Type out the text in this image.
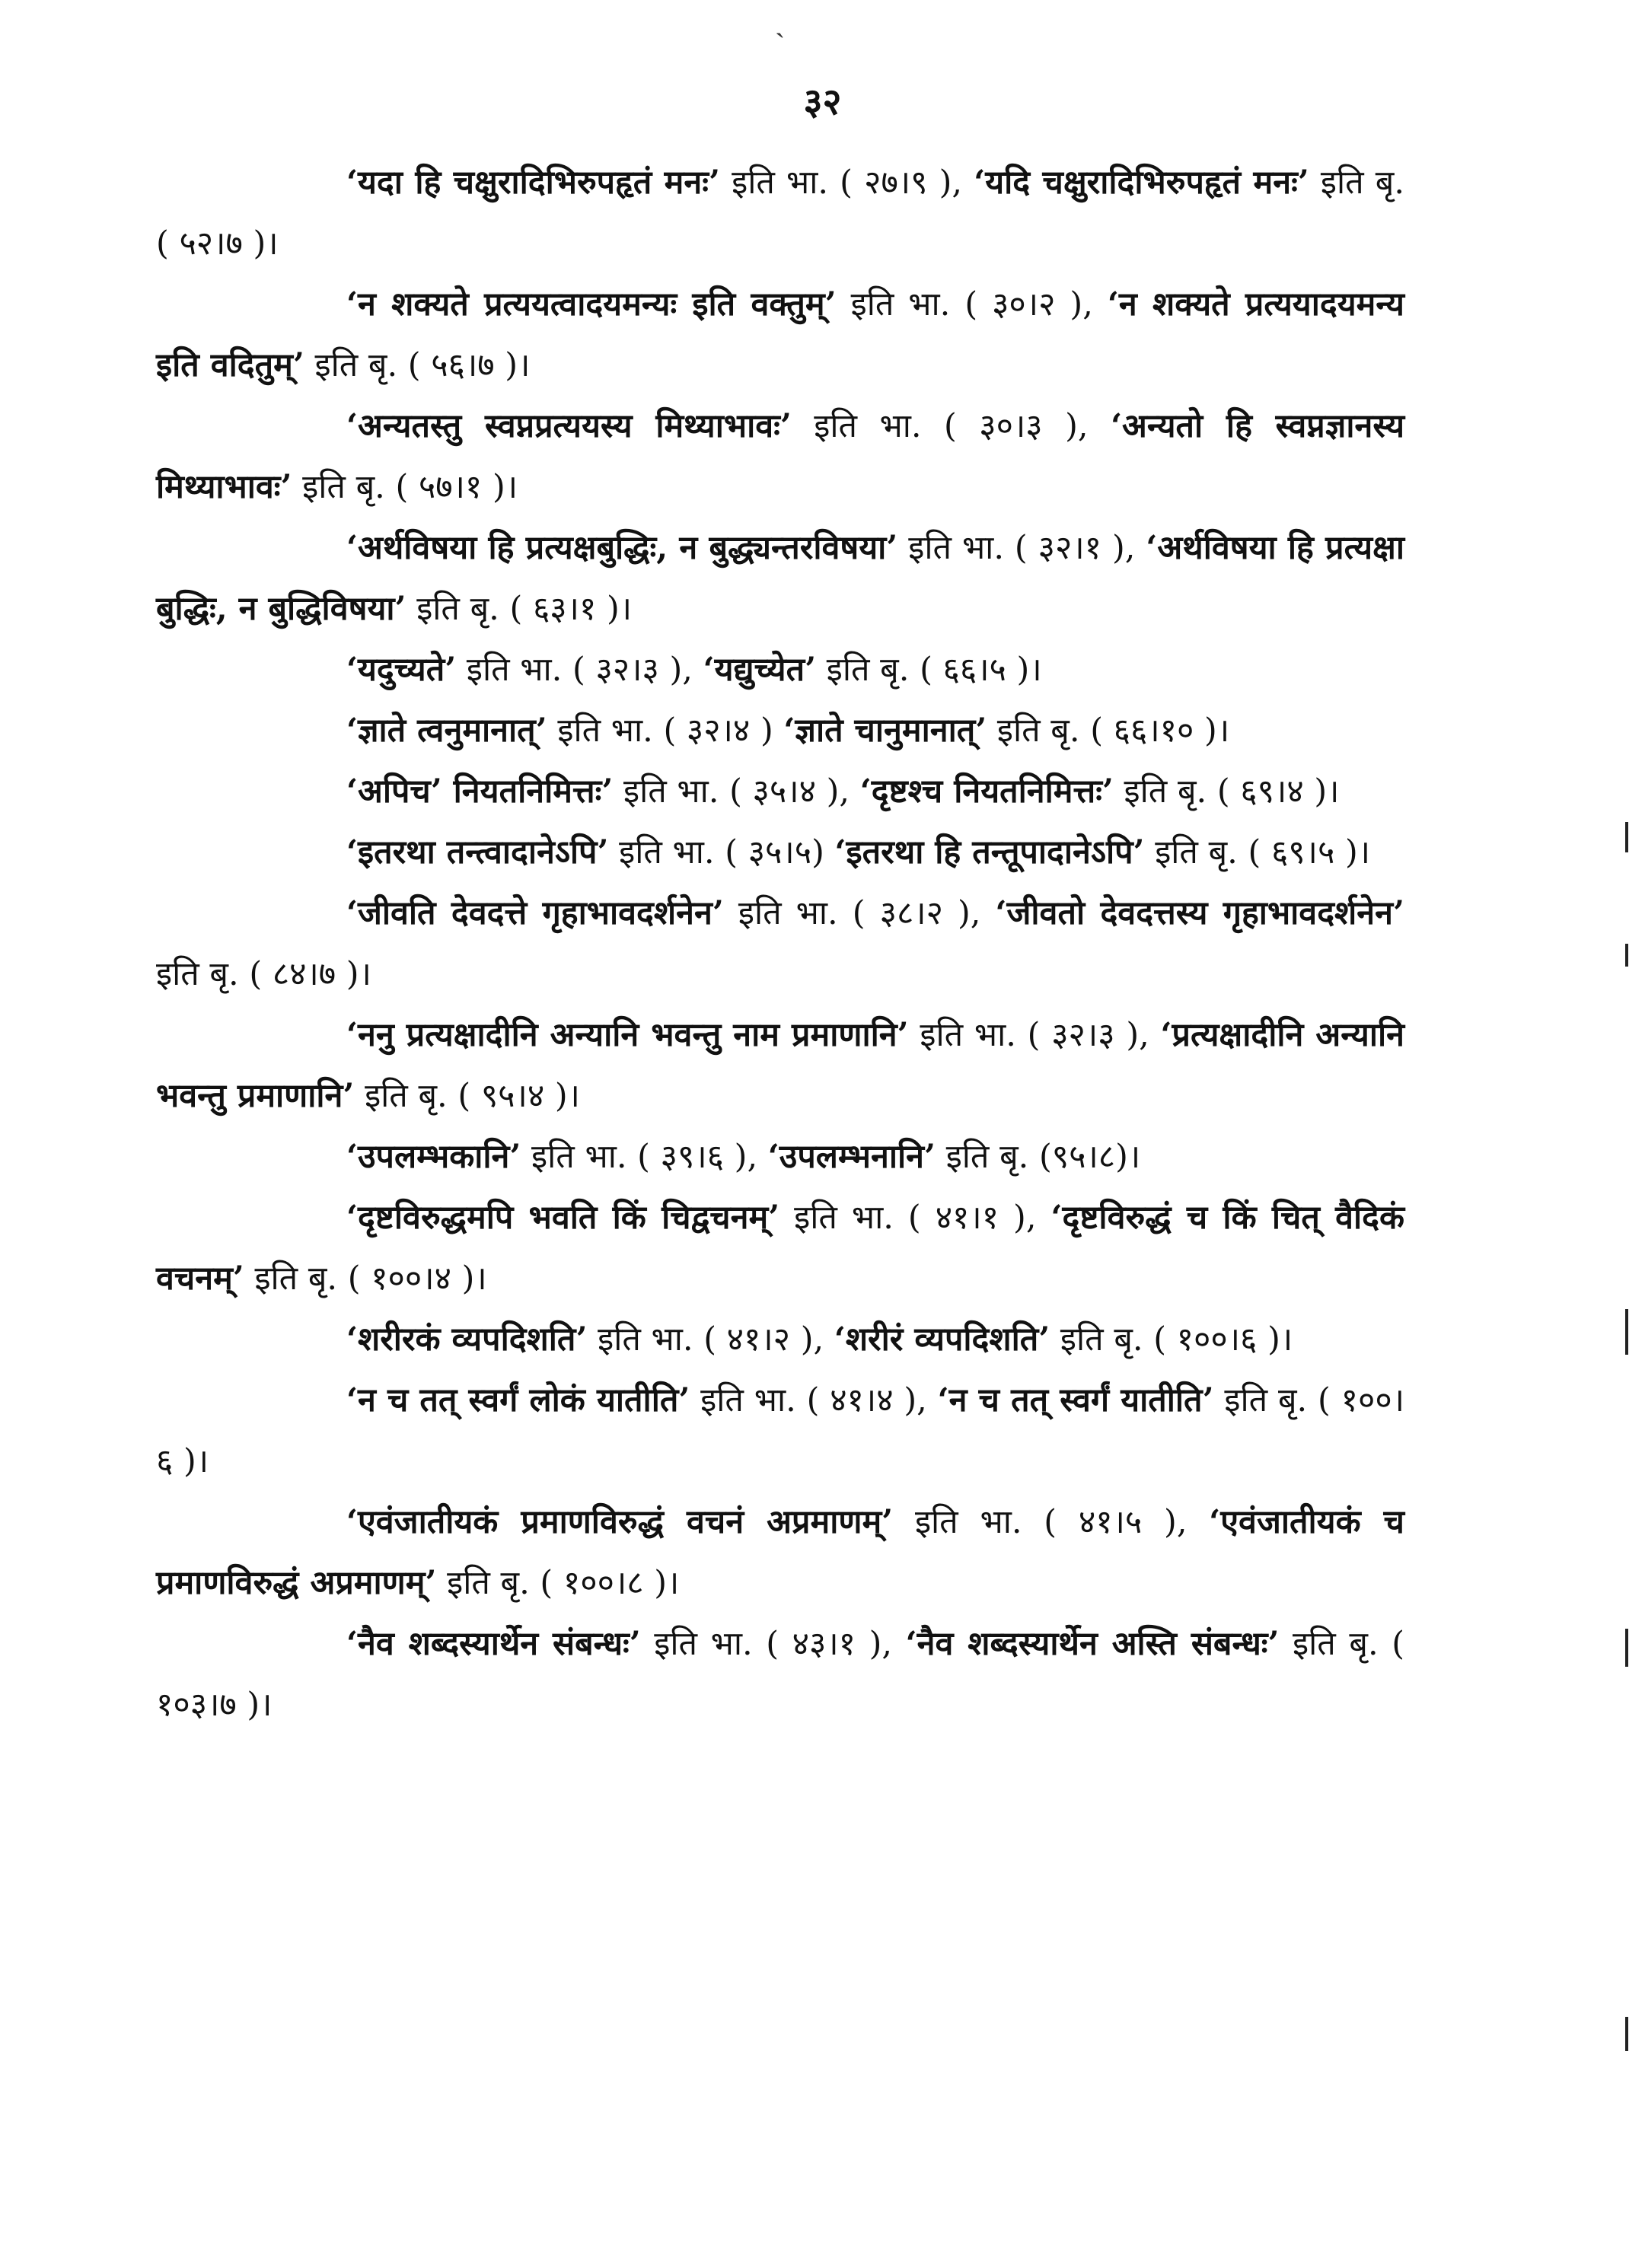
ˏ
३२

‘यदा हि चक्षुरादिभिरुपहृतं मनः’ इति भा. ( २७।९ ), ‘यदि चक्षुरादिभिरुपहृतं मनः’ इति बृ. ( ५२।७ )।

‘न शक्यते प्रत्ययत्वादयमन्यः इति वक्तुम्’ इति भा. ( ३०।२ ), ‘न शक्यते प्रत्ययादयमन्य इति वदितुम्’ इति बृ. ( ५६।७ )।

‘अन्यतस्तु स्वप्नप्रत्ययस्य मिथ्याभावः’ इति भा. ( ३०।३ ), ‘अन्यतो हि स्वप्नज्ञानस्य मिथ्याभावः’ इति बृ. ( ५७।१ )।

‘अर्थविषया हि प्रत्यक्षबुद्धिः, न बुद्ध्यन्तरविषया’ इति भा. ( ३२।१ ), ‘अर्थविषया हि प्रत्यक्षा बुद्धिः, न बुद्धिविषया’ इति बृ. ( ६३।१ )।

‘यदुच्यते’ इति भा. ( ३२।३ ), ‘यद्युच्येत’ इति बृ. ( ६६।५ )।

‘ज्ञाते त्वनुमानात्’ इति भा. ( ३२।४ ) ‘ज्ञाते चानुमानात्’ इति बृ. ( ६६।१० )।

‘अपिच’ नियतनिमित्तः’ इति भा. ( ३५।४ ), ‘दृष्टश्च नियतनिमित्तः’ इति बृ. ( ६९।४ )।

‘इतरथा तन्त्वादानेऽपि’ इति भा. ( ३५।५) ‘इतरथा हि तन्तूपादानेऽपि’ इति बृ. ( ६९।५ )।

‘जीवति देवदत्ते गृहाभावदर्शनेन’ इति भा. ( ३८।२ ), ‘जीवतो देवदत्तस्य गृहाभावदर्शनेन’ इति बृ. ( ८४।७ )।

‘ननु प्रत्यक्षादीनि अन्यानि भवन्तु नाम प्रमाणानि’ इति भा. ( ३२।३ ), ‘प्रत्यक्षादीनि अन्यानि भवन्तु प्रमाणानि’ इति बृ. ( ९५।४ )।

‘उपलम्भकानि’ इति भा. ( ३९।६ ), ‘उपलम्भनानि’ इति बृ. (९५।८)।

‘दृष्टविरुद्धमपि भवति किं चिद्वचनम्’ इति भा. ( ४१।१ ), ‘दृष्टविरुद्धं च किं चित् वैदिकं वचनम्’ इति बृ. ( १००।४ )।

‘शरीरकं व्यपदिशति’ इति भा. ( ४१।२ ), ‘शरीरं व्यपदिशति’ इति बृ. ( १००।६ )।

‘न च तत् स्वर्गं लोकं यातीति’ इति भा. ( ४१।४ ), ‘न च तत् स्वर्गं यातीति’ इति बृ. ( १००।६ )।

‘एवंजातीयकं प्रमाणविरुद्धं वचनं अप्रमाणम्’ इति भा. ( ४१।५ ), ‘एवंजातीयकं च प्रमाणविरुद्धं अप्रमाणम्’ इति बृ. ( १००।८ )।

‘नैव शब्दस्यार्थेन संबन्धः’ इति भा. ( ४३।१ ), ‘नैव शब्दस्यार्थेन अस्ति संबन्धः’ इति बृ. ( १०३।७ )।
